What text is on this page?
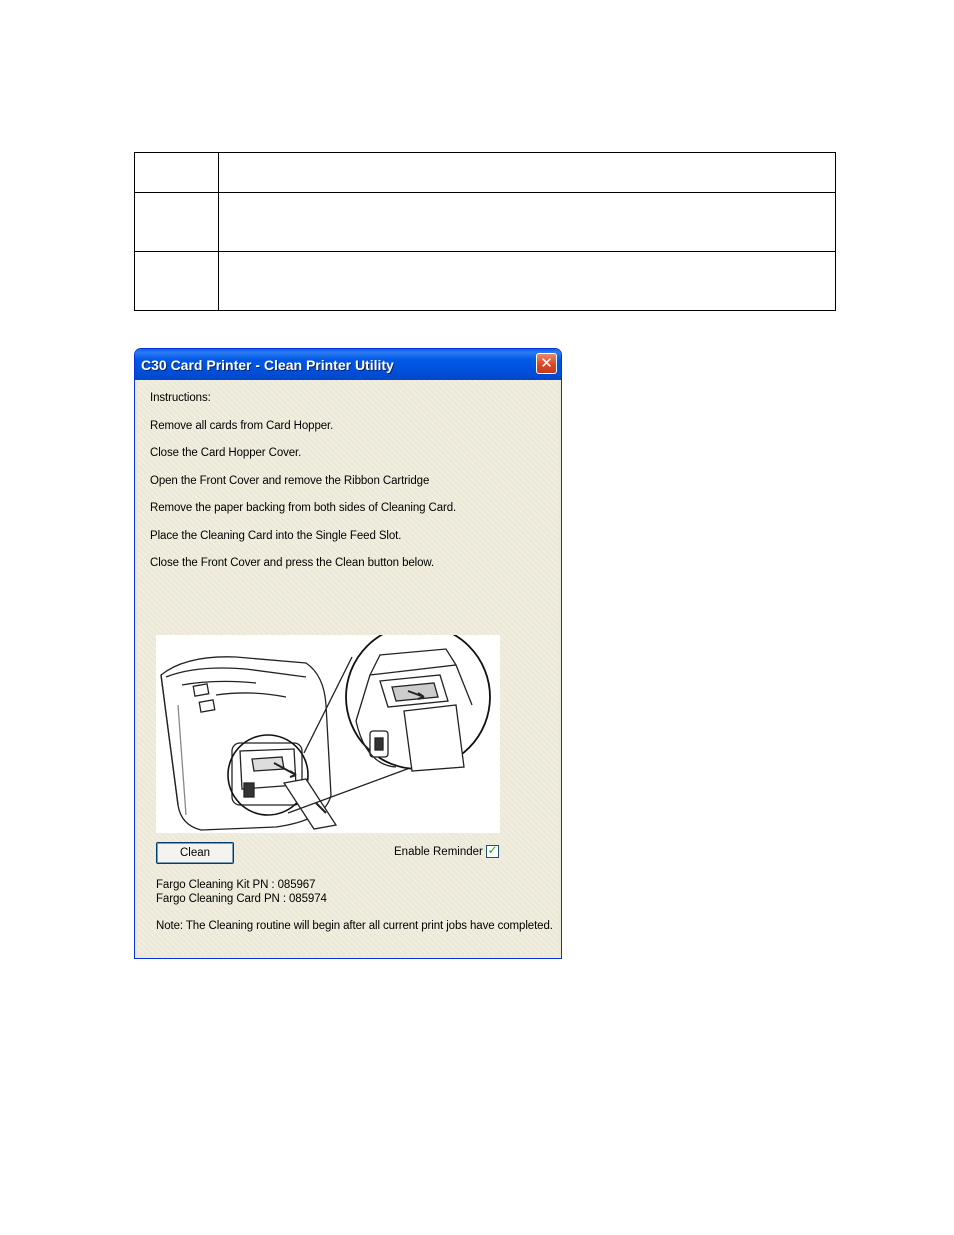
C30 Card Printer - Clean Printer Utility	✕
Instructions:
Remove all cards from Card Hopper.
Close the Card Hopper Cover.
Open the Front Cover and remove the Ribbon Cartridge
Remove the paper backing from both sides of Cleaning Card.
Place the Cleaning Card into the Single Feed Slot.
Close the Front Cover and press the Clean button below.
Clean	Enable Reminder ✓
Fargo Cleaning Kit PN : 085967
Fargo Cleaning Card PN : 085974
Note: The Cleaning routine will begin after all current print jobs have completed.
